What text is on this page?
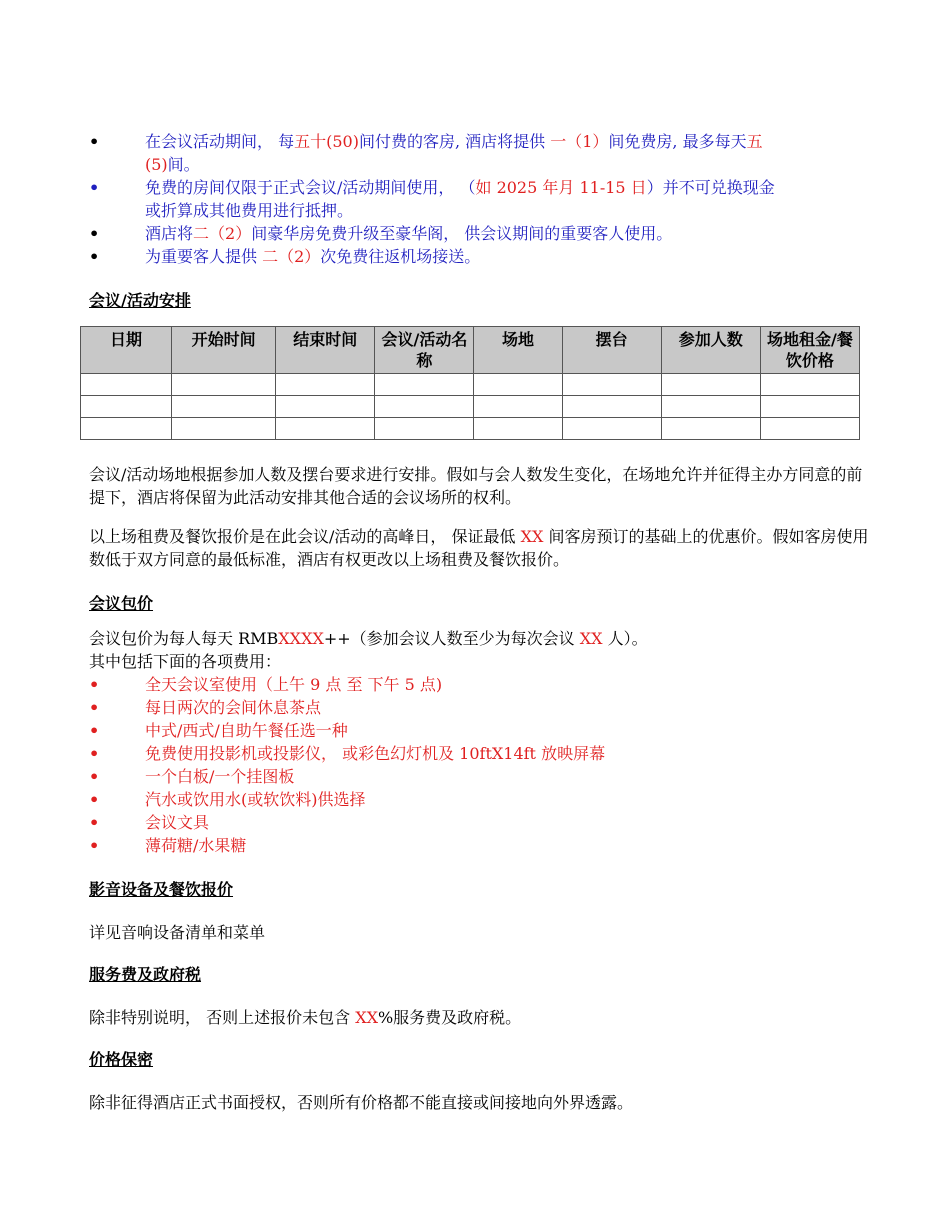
•	在会议活动期间， 每五十(50)间付费的客房, 酒店将提供 一（1）间免费房, 最多每天五
(5)间。
•	免费的房间仅限于正式会议/活动期间使用， （如 2025 年月 11-15 日）并不可兑换现金
或折算成其他费用进行抵押。
•	酒店将二（2）间豪华房免费升级至豪华阁， 供会议期间的重要客人使用。
•	为重要客人提供 二（2）次免费往返机场接送。

会议/活动安排

日期	开始时间	结束时间	会议/活动名称	场地	摆台	参加人数	场地租金/餐饮价格

会议/活动场地根据参加人数及摆台要求进行安排。假如与会人数发生变化，在场地允许并征得主办方同意的前提下，酒店将保留为此活动安排其他合适的会议场所的权利。

以上场租费及餐饮报价是在此会议/活动的高峰日， 保证最低 XX 间客房预订的基础上的优惠价。假如客房使用数低于双方同意的最低标准，酒店有权更改以上场租费及餐饮报价。

会议包价

会议包价为每人每天 RMBXXXX++（参加会议人数至少为每次会议 XX 人）。

其中包括下面的各项费用：

•	全天会议室使用（上午 9 点 至 下午 5 点)
•	每日两次的会间休息茶点
•	中式/西式/自助午餐任选一种
•	免费使用投影机或投影仪， 或彩色幻灯机及 10ftX14ft 放映屏幕
•	一个白板/一个挂图板
•	汽水或饮用水(或软饮料)供选择
•	会议文具
•	薄荷糖/水果糖

影音设备及餐饮报价

详见音响设备清单和菜单

服务费及政府税

除非特别说明， 否则上述报价未包含 XX%服务费及政府税。

价格保密

除非征得酒店正式书面授权，否则所有价格都不能直接或间接地向外界透露。
